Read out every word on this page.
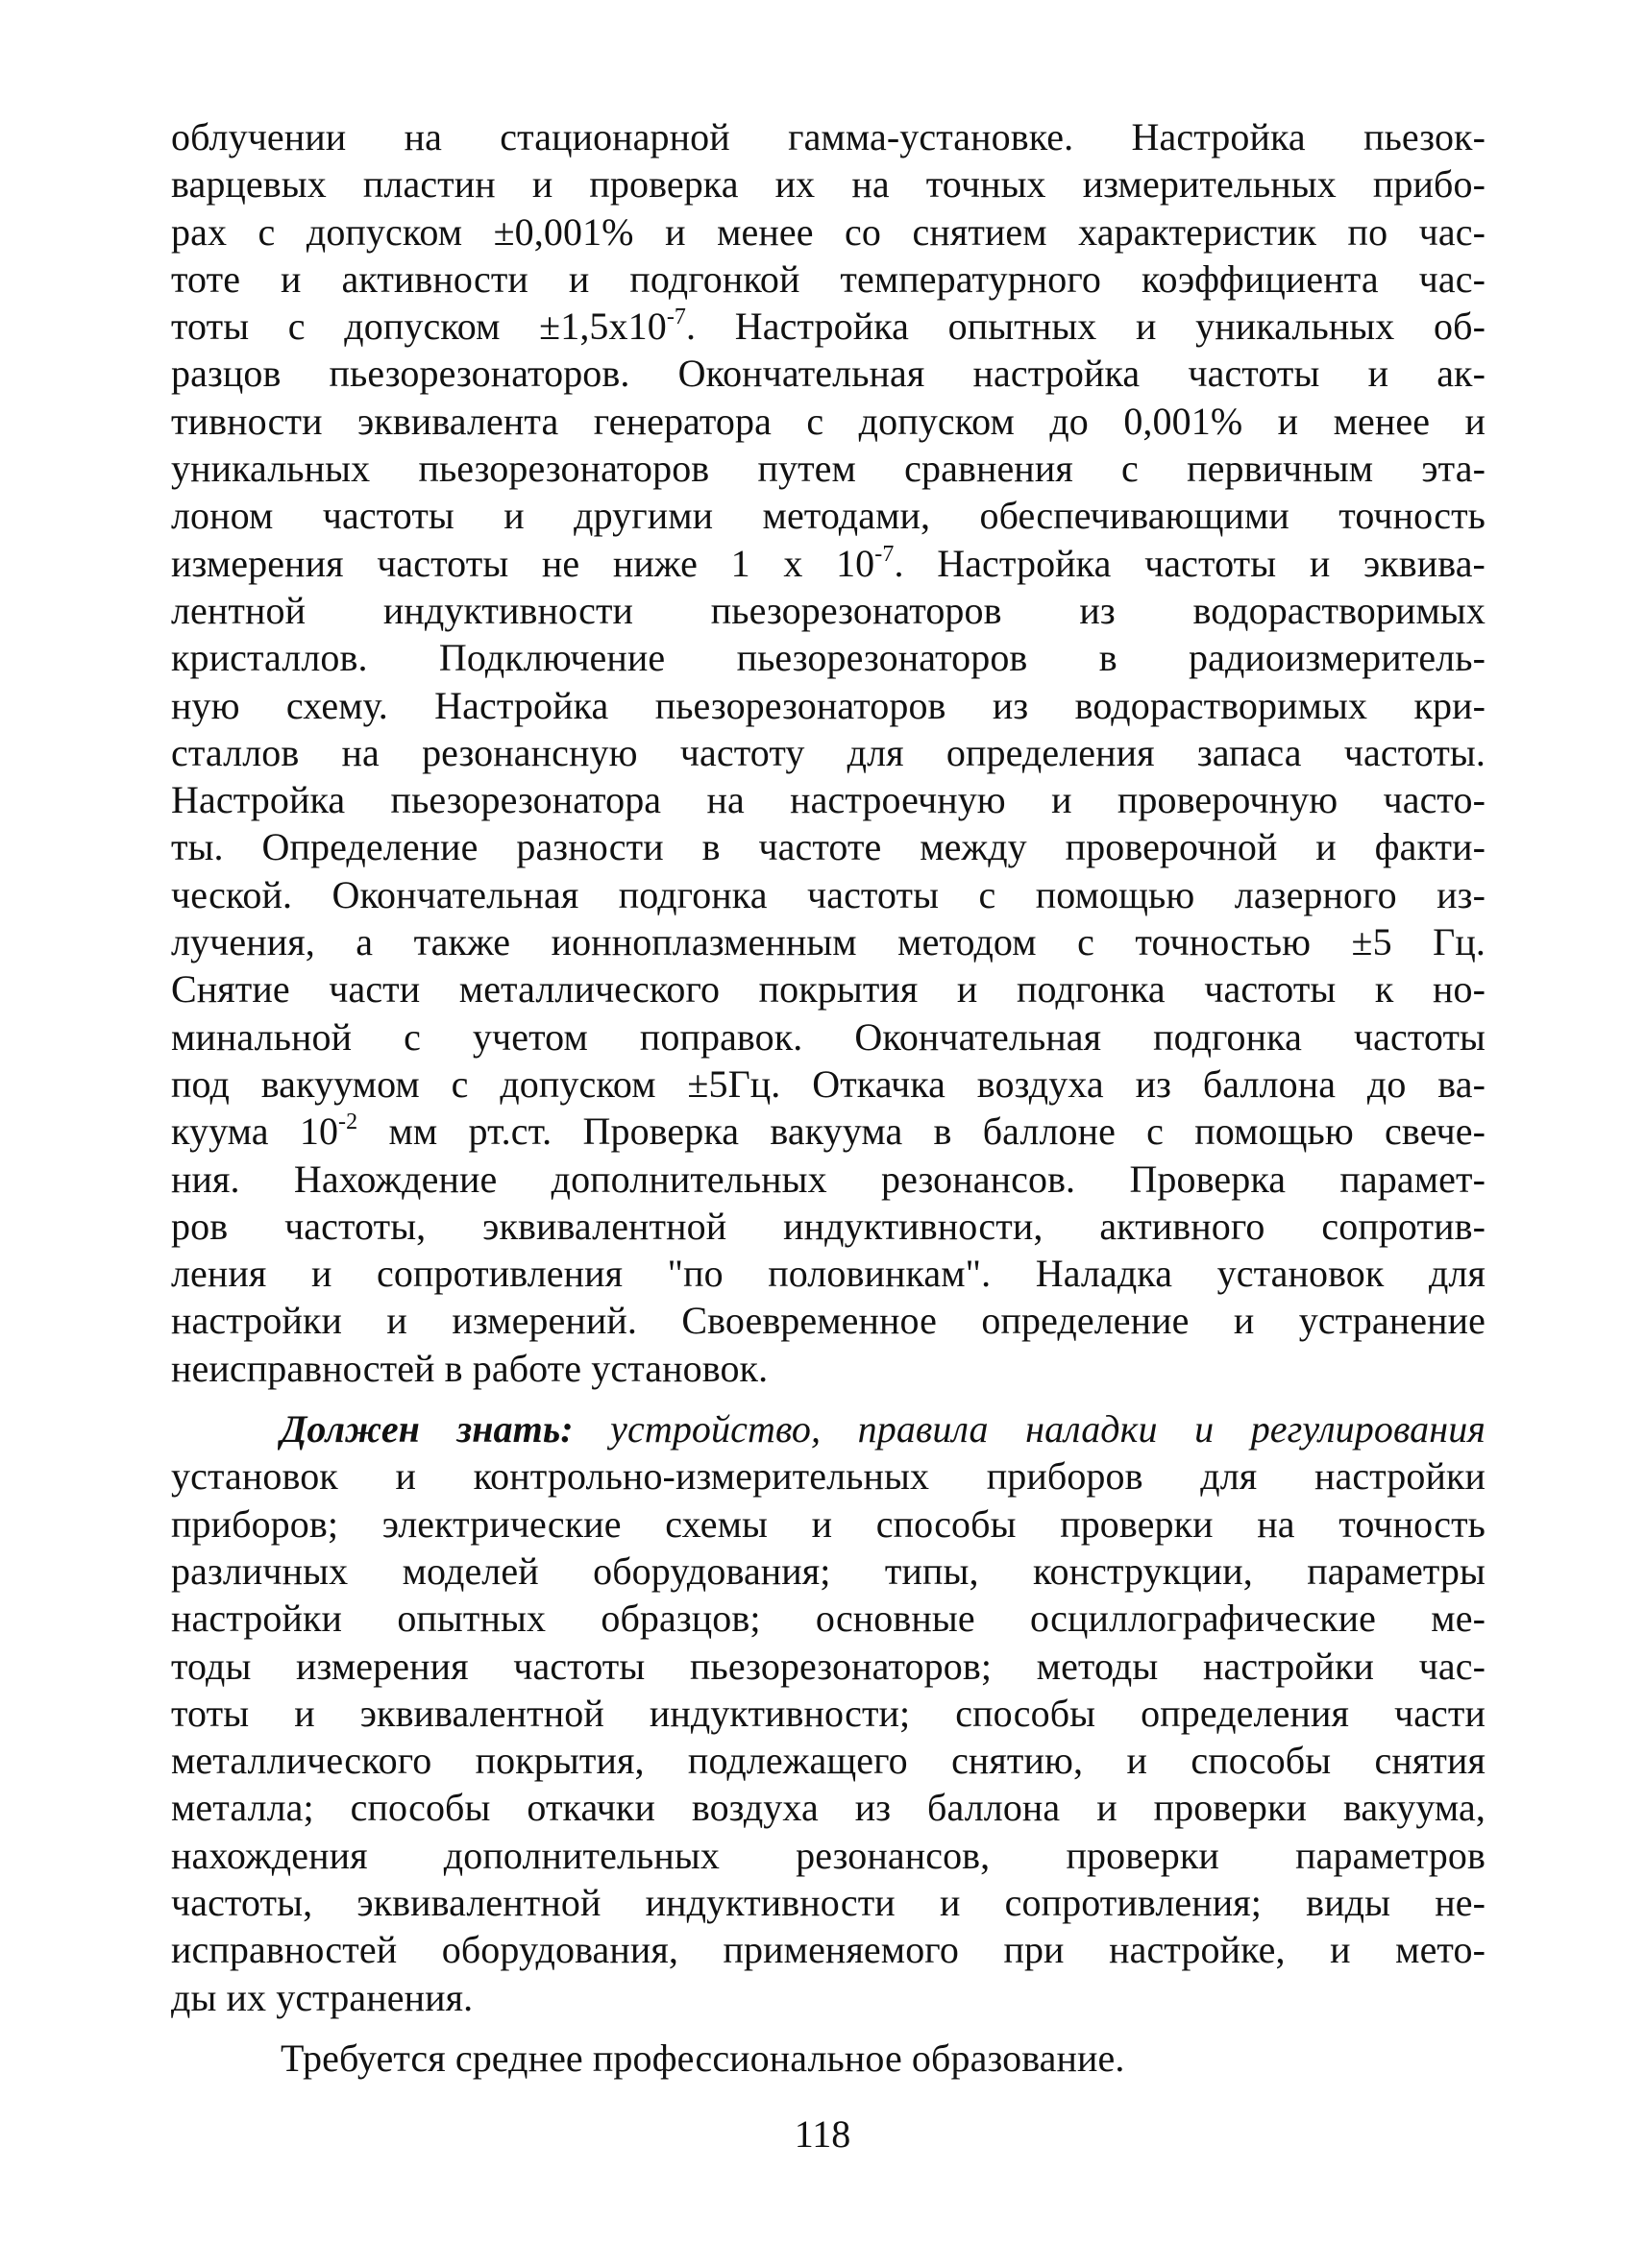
облучении на стационарной гамма-установке. Настройка пьезок-
варцевых пластин и проверка их на точных измерительных прибо-
рах с допуском ±0,001% и менее со снятием характеристик по час-
тоте и активности и подгонкой температурного коэффициента час-
тоты с допуском $\pm 1,5х10^{-7}$. Настройка опытных и уникальных об-
разцов пьезорезонаторов. Окончательная настройка частоты и ак-
тивности эквивалента генератора с допуском до 0,001% и менее и
уникальных пьезорезонаторов путем сравнения с первичным эта-
лоном частоты и другими методами, обеспечивающими точность
измерения частоты не ниже 1 х $10^{-7}$. Настройка частоты и эквива-
лентной индуктивности пьезорезонаторов из водорастворимых
кристаллов. Подключение пьезорезонаторов в радиоизмеритель-
ную схему. Настройка пьезорезонаторов из водорастворимых кри-
сталлов на резонансную частоту для определения запаса частоты.
Настройка пьезорезонатора на настроечную и проверочную часто-
ты. Определение разности в частоте между проверочной и факти-
ческой. Окончательная подгонка частоты с помощью лазерного из-
лучения, а также ионноплазменным методом с точностью ±5 Гц.
Снятие части металлического покрытия и подгонка частоты к но-
минальной с учетом поправок. Окончательная подгонка частоты
под вакуумом с допуском ±5Гц. Откачка воздуха из баллона до ва-
куума $10^{-2}$ мм рт.ст. Проверка вакуума в баллоне с помощью свече-
ния. Нахождение дополнительных резонансов. Проверка парамет-
ров частоты, эквивалентной индуктивности, активного сопротив-
ления и сопротивления "по половинкам". Наладка установок для
настройки и измерений. Своевременное определение и устранение
неисправностей в работе установок.
Должен знать: устройство, правила наладки и регулирования
установок и контрольно-измерительных приборов для настройки
приборов; электрические схемы и способы проверки на точность
различных моделей оборудования; типы, конструкции, параметры
настройки опытных образцов; основные осциллографические ме-
тоды измерения частоты пьезорезонаторов; методы настройки час-
тоты и эквивалентной индуктивности; способы определения части
металлического покрытия, подлежащего снятию, и способы снятия
металла; способы откачки воздуха из баллона и проверки вакуума,
нахождения дополнительных резонансов, проверки параметров
частоты, эквивалентной индуктивности и сопротивления; виды не-
исправностей оборудования, применяемого при настройке, и мето-
ды их устранения.
Требуется среднее профессиональное образование.
118
